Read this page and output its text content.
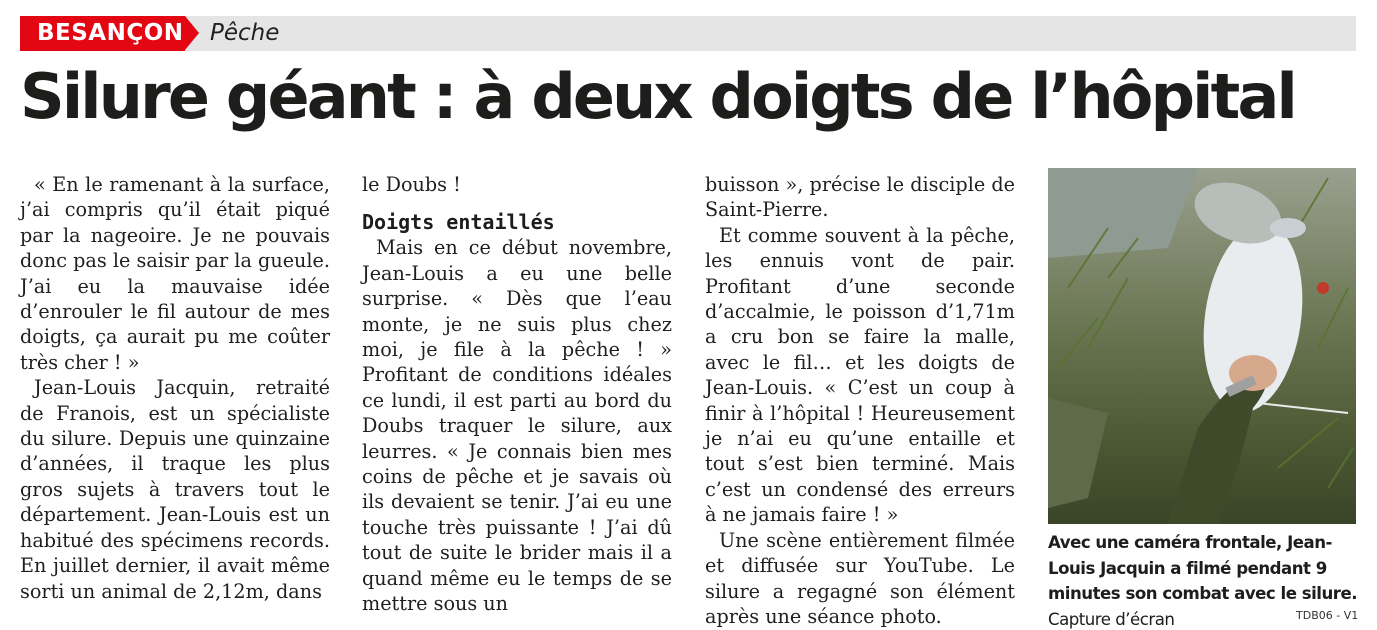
BESANÇON Pêche
Silure géant : à deux doigts de l’hôpital

« En le ramenant à la surface, j’ai compris qu’il était piqué par la nageoire. Je ne pouvais donc pas le saisir par la gueule. J’ai eu la mauvaise idée d’enrouler le fil autour de mes doigts, ça aurait pu me coûter très cher ! »

Jean-Louis Jacquin, retraité de Franois, est un spécialiste du silure. Depuis une quinzaine d’années, il traque les plus gros sujets à travers tout le département. Jean-Louis est un habitué des spécimens records. En juillet dernier, il avait même sorti un animal de 2,12m, dans

le Doubs !

Doigts entaillés

Mais en ce début novembre, Jean-Louis a eu une belle surprise. « Dès que l’eau monte, je ne suis plus chez moi, je file à la pêche ! » Profitant de conditions idéales ce lundi, il est parti au bord du Doubs traquer le silure, aux leurres. « Je connais bien mes coins de pêche et je savais où ils devaient se tenir. J’ai eu une touche très puissante ! J’ai dû tout de suite le brider mais il a quand même eu le temps de se mettre sous un

buisson », précise le disciple de Saint-Pierre.

Et comme souvent à la pêche, les ennuis vont de pair. Profitant d’une seconde d’accalmie, le poisson d’1,71m a cru bon se faire la malle, avec le fil… et les doigts de Jean-Louis. « C’est un coup à finir à l’hôpital ! Heureusement je n’ai eu qu’une entaille et tout s’est bien terminé. Mais c’est un condensé des erreurs à ne jamais faire ! »

Une scène entièrement filmée et diffusée sur YouTube. Le silure a regagné son élément après une séance photo.

Avec une caméra frontale, Jean-Louis Jacquin a filmé pendant 9 minutes son combat avec le silure. Capture d’écran	TDB06 - V1
